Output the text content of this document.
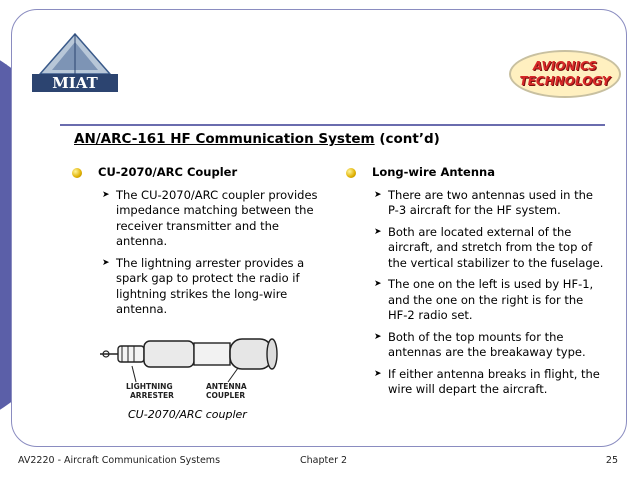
MIAT
AVIONICS
TECHNOLOGY
AN/ARC-161 HF Communication System (cont’d)
CU-2070/ARC Coupler
➤ The CU-2070/ARC coupler provides impedance matching between the receiver transmitter and the antenna.
➤ The lightning arrester provides a spark gap to protect the radio if lightning strikes the long-wire antenna.
LIGHTNING
ARRESTER
ANTENNA
COUPLER
CU-2070/ARC coupler
Long-wire Antenna
➤ There are two antennas used in the P-3 aircraft for the HF system.
➤ Both are located external of the aircraft, and stretch from the top of the vertical stabilizer to the fuselage.
➤ The one on the left is used by HF-1, and the one on the right is for the HF-2 radio set.
➤ Both of the top mounts for the antennas are the breakaway type.
➤ If either antenna breaks in flight, the wire will depart the aircraft.
AV2220 - Aircraft Communication Systems	Chapter 2	25
